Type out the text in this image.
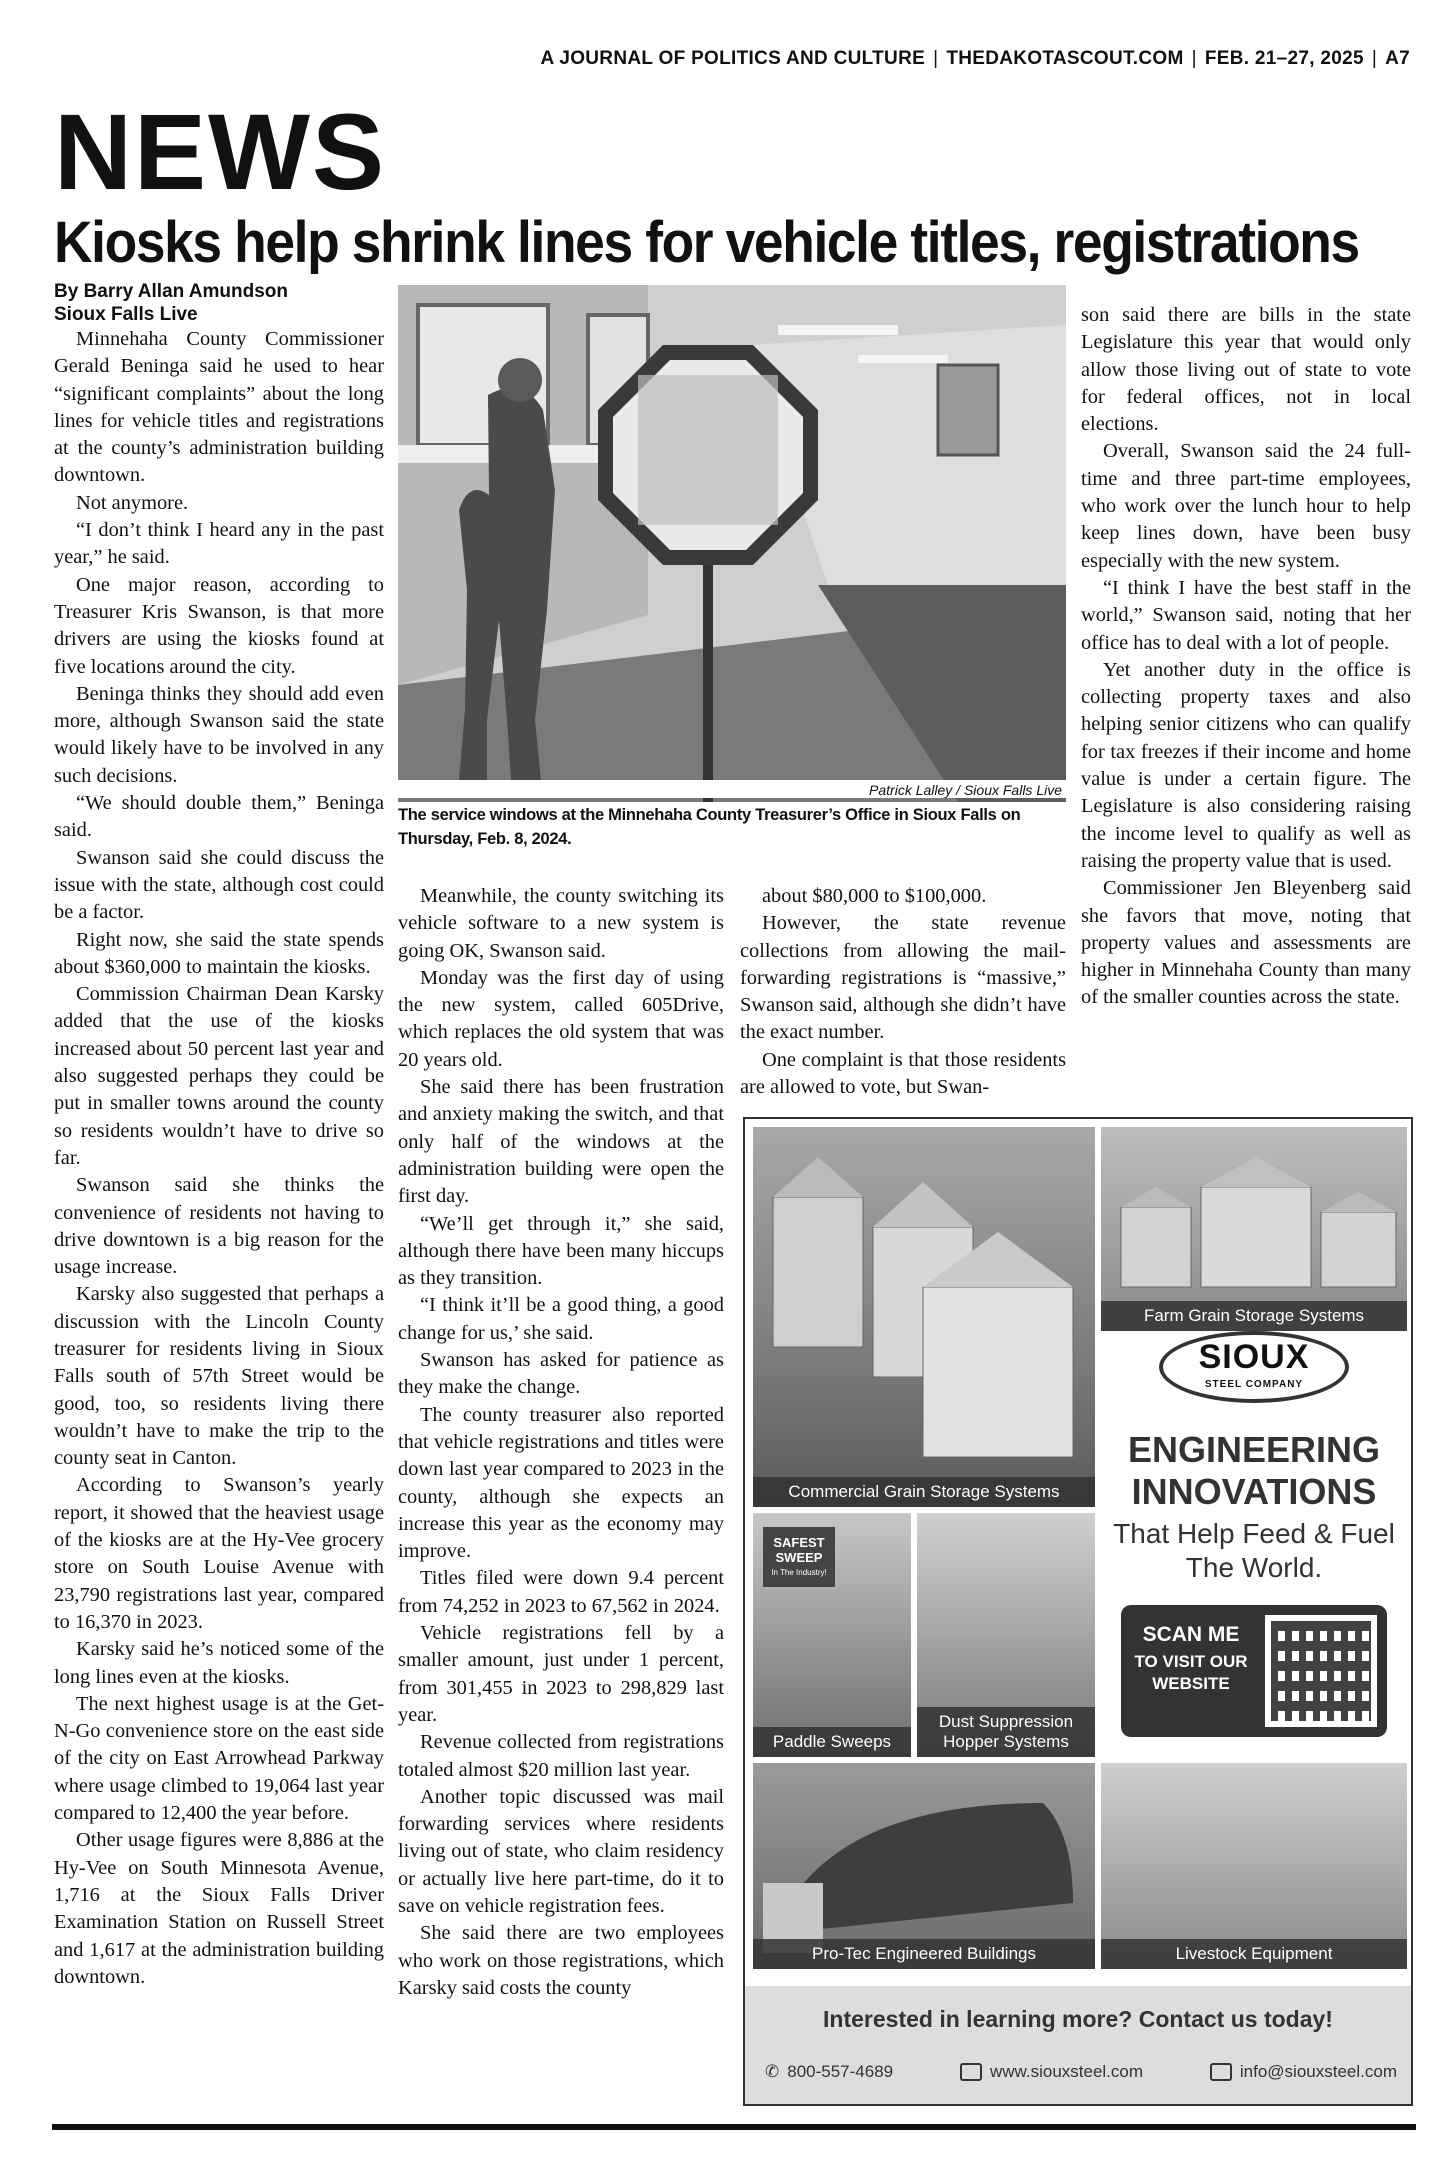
A JOURNAL OF POLITICS AND CULTURE | THEDAKOTASCOUT.COM | FEB. 21–27, 2025 | A7
NEWS
Kiosks help shrink lines for vehicle titles, registrations
By Barry Allan Amundson
Sioux Falls Live

Minnehaha County Commissioner Gerald Beninga said he used to hear “significant complaints” about the long lines for vehicle titles and registrations at the county’s administration building downtown.

Not anymore.

“I don’t think I heard any in the past year,” he said.

One major reason, according to Treasurer Kris Swanson, is that more drivers are using the kiosks found at five locations around the city.

Beninga thinks they should add even more, although Swanson said the state would likely have to be involved in any such decisions.

“We should double them,” Beninga said.

Swanson said she could discuss the issue with the state, although cost could be a factor.

Right now, she said the state spends about $360,000 to maintain the kiosks.

Commission Chairman Dean Karsky added that the use of the kiosks increased about 50 percent last year and also suggested perhaps they could be put in smaller towns around the county so residents wouldn’t have to drive so far.

Swanson said she thinks the convenience of residents not having to drive downtown is a big reason for the usage increase.

Karsky also suggested that perhaps a discussion with the Lincoln County treasurer for residents living in Sioux Falls south of 57th Street would be good, too, so residents living there wouldn’t have to make the trip to the county seat in Canton.

According to Swanson’s yearly report, it showed that the heaviest usage of the kiosks are at the Hy-Vee grocery store on South Louise Avenue with 23,790 registrations last year, compared to 16,370 in 2023.

Karsky said he’s noticed some of the long lines even at the kiosks.

The next highest usage is at the Get-N-Go convenience store on the east side of the city on East Arrowhead Parkway where usage climbed to 19,064 last year compared to 12,400 the year before.

Other usage figures were 8,886 at the Hy-Vee on South Minnesota Avenue, 1,716 at the Sioux Falls Driver Examination Station on Russell Street and 1,617 at the administration building downtown.

Patrick Lalley / Sioux Falls Live
The service windows at the Minnehaha County Treasurer’s Office in Sioux Falls on Thursday, Feb. 8, 2024.

Meanwhile, the county switching its vehicle software to a new system is going OK, Swanson said.

Monday was the first day of using the new system, called 605Drive, which replaces the old system that was 20 years old.

She said there has been frustration and anxiety making the switch, and that only half of the windows at the administration building were open the first day.

“We’ll get through it,” she said, although there have been many hiccups as they transition.

“I think it’ll be a good thing, a good change for us,’ she said.

Swanson has asked for patience as they make the change.

The county treasurer also reported that vehicle registrations and titles were down last year compared to 2023 in the county, although she expects an increase this year as the economy may improve.

Titles filed were down 9.4 percent from 74,252 in 2023 to 67,562 in 2024.

Vehicle registrations fell by a smaller amount, just under 1 percent, from 301,455 in 2023 to 298,829 last year.

Revenue collected from registrations totaled almost $20 million last year.

Another topic discussed was mail forwarding services where residents living out of state, who claim residency or actually live here part-time, do it to save on vehicle registration fees.

She said there are two employees who work on those registrations, which Karsky said costs the county

about $80,000 to $100,000.

However, the state revenue collections from allowing the mail-forwarding registrations is “massive,” Swanson said, although she didn’t have the exact number.

One complaint is that those residents are allowed to vote, but Swan-

son said there are bills in the state Legislature this year that would only allow those living out of state to vote for federal offices, not in local elections.

Overall, Swanson said the 24 full-time and three part-time employees, who work over the lunch hour to help keep lines down, have been busy especially with the new system.

“I think I have the best staff in the world,” Swanson said, noting that her office has to deal with a lot of people.

Yet another duty in the office is collecting property taxes and also helping senior citizens who can qualify for tax freezes if their income and home value is under a certain figure. The Legislature is also considering raising the income level to qualify as well as raising the property value that is used.

Commissioner Jen Bleyenberg said she favors that move, noting that property values and assessments are higher in Minnehaha County than many of the smaller counties across the state.

Commercial Grain Storage Systems
Farm Grain Storage Systems
SIOUX
STEEL COMPANY
ENGINEERING INNOVATIONS
That Help Feed & Fuel The World.
SCAN ME
TO VISIT OUR WEBSITE
SAFEST SWEEP
In The Industry!
Paddle Sweeps
Dust Suppression Hopper Systems
Pro-Tec Engineered Buildings	Livestock Equipment
Interested in learning more? Contact us today!
✆ 800-557-4689	www.siouxsteel.com	info@siouxsteel.com
